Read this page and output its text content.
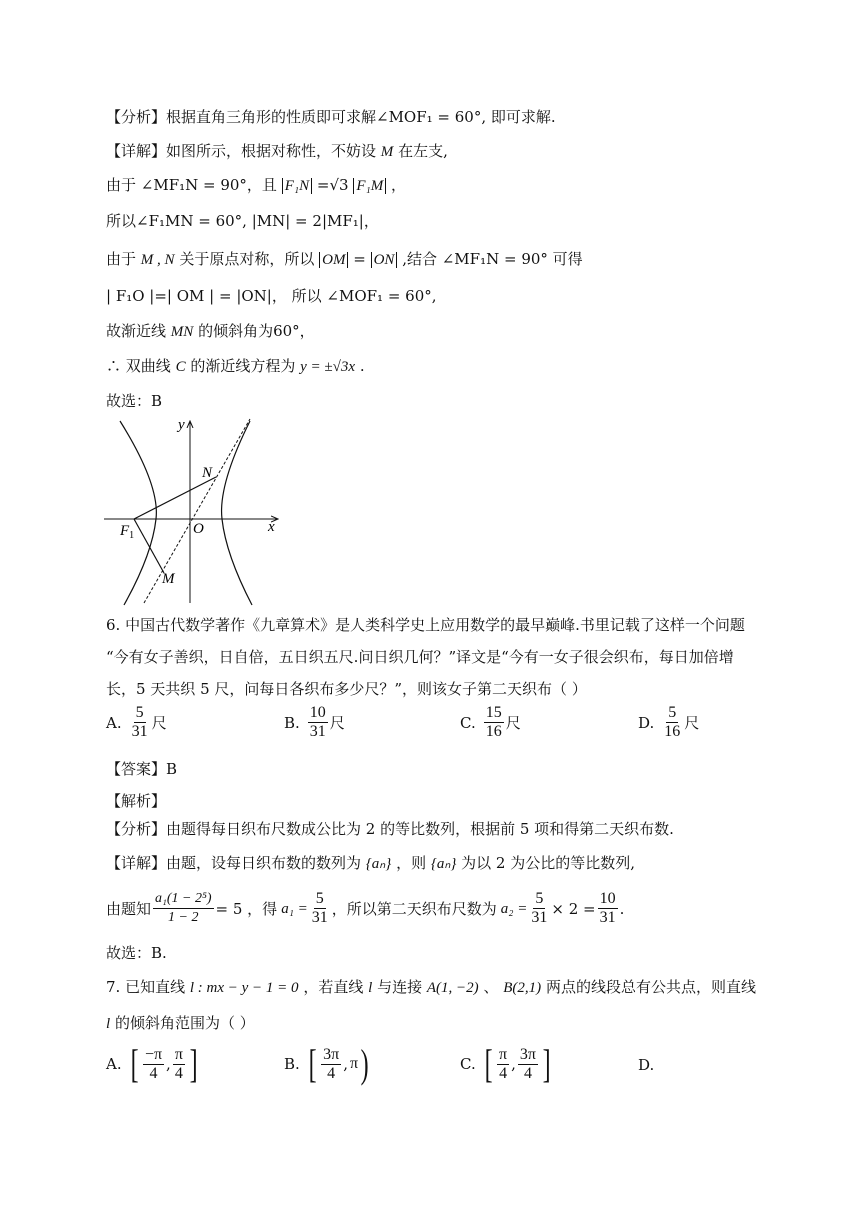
【分析】根据直角三角形的性质即可求解∠MOF₁ = 60°, 即可求解.
【详解】如图所示，根据对称性，不妨设 M 在左支,
由于 ∠MF₁N = 90°，且 F₁N =√3 F₁M ，
所以∠F₁MN = 60°, |MN| = 2|MF₁|，
由于 M , N 关于原点对称，所以 OM = ON ,结合 ∠MF₁N = 90° 可得
| F₁O |=| OM | = |ON|， 所以 ∠MOF₁ = 60°,
故渐近线 MN 的倾斜角为60°，
∴ 双曲线 C 的渐近线方程为 y = ±√3x .
故选：B
y
x
N
O
$F_1$
M
6. 中国古代数学著作《九章算术》是人类科学史上应用数学的最早巅峰.书里记载了这样一个问题
“今有女子善织，日自倍，五日织五尺.问日织几何？”译文是“今有一女子很会织布，每日加倍增
长，5 天共织 5 尺，问每日各织布多少尺？”，则该女子第二天织布（ ）
A. $\frac{5}{31}$ 尺	B. $\frac{10}{31}$ 尺	C. $\frac{15}{16}$ 尺	D. $\frac{5}{16}$ 尺
【答案】B
【解析】
【分析】由题得每日织布尺数成公比为 2 的等比数列，根据前 5 项和得第二天织布数.
【详解】由题，设每日织布数的数列为 {aₙ} ，则 {aₙ} 为以 2 为公比的等比数列,
由题知 $\frac{\text{a₁(1 − 2⁵)}}{1 - 2} = 5$ ，得 $a_1 = \frac{5}{31}$ ，所以第二天织布尺数为 $a_2 = \frac{5}{31} \times 2 = \frac{10}{31}$ .
故选：B.
7. 已知直线 l : mx − y − 1 = 0 ，若直线 l 与连接 A(1, −2) 、 B(2,1) 两点的线段总有公共点，则直线
l 的倾斜角范围为（ ）
A. [ $\frac{-\pi}{4}$ , $\frac{\pi}{4}$ ]	B. [ $\frac{3\pi}{4}$ , π )	C. [ $\frac{\pi}{4}$ , $\frac{3\pi}{4}$ ]	D.
